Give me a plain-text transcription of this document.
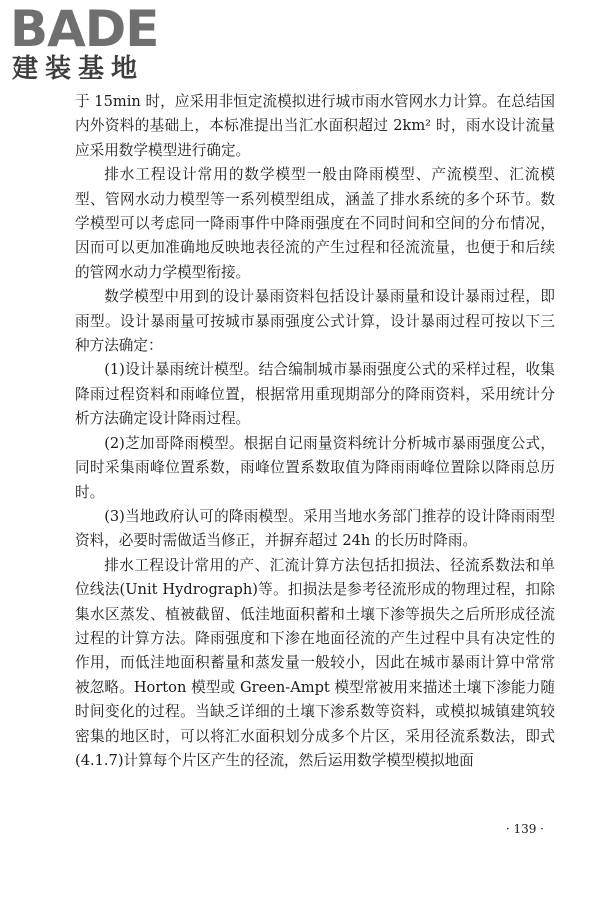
BADE
建装基地

于 15min 时，应采用非恒定流模拟进行城市雨水管网水力计算。在总结国内外资料的基础上，本标准提出当汇水面积超过 2km² 时，雨水设计流量应采用数学模型进行确定。

排水工程设计常用的数学模型一般由降雨模型、产流模型、汇流模型、管网水动力模型等一系列模型组成，涵盖了排水系统的多个环节。数学模型可以考虑同一降雨事件中降雨强度在不同时间和空间的分布情况，因而可以更加准确地反映地表径流的产生过程和径流流量，也便于和后续的管网水动力学模型衔接。

数学模型中用到的设计暴雨资料包括设计暴雨量和设计暴雨过程，即雨型。设计暴雨量可按城市暴雨强度公式计算，设计暴雨过程可按以下三种方法确定：

(1)设计暴雨统计模型。结合编制城市暴雨强度公式的采样过程，收集降雨过程资料和雨峰位置，根据常用重现期部分的降雨资料，采用统计分析方法确定设计降雨过程。

(2)芝加哥降雨模型。根据自记雨量资料统计分析城市暴雨强度公式，同时采集雨峰位置系数，雨峰位置系数取值为降雨雨峰位置除以降雨总历时。

(3)当地政府认可的降雨模型。采用当地水务部门推荐的设计降雨雨型资料，必要时需做适当修正，并摒弃超过 24h 的长历时降雨。

排水工程设计常用的产、汇流计算方法包括扣损法、径流系数法和单位线法(Unit Hydrograph)等。扣损法是参考径流形成的物理过程，扣除集水区蒸发、植被截留、低洼地面积蓄和土壤下渗等损失之后所形成径流过程的计算方法。降雨强度和下渗在地面径流的产生过程中具有决定性的作用，而低洼地面积蓄量和蒸发量一般较小，因此在城市暴雨计算中常常被忽略。Horton 模型或 Green-Ampt 模型常被用来描述土壤下渗能力随时间变化的过程。当缺乏详细的土壤下渗系数等资料，或模拟城镇建筑较密集的地区时，可以将汇水面积划分成多个片区，采用径流系数法，即式(4.1.7)计算每个片区产生的径流，然后运用数学模型模拟地面

· 139 ·
